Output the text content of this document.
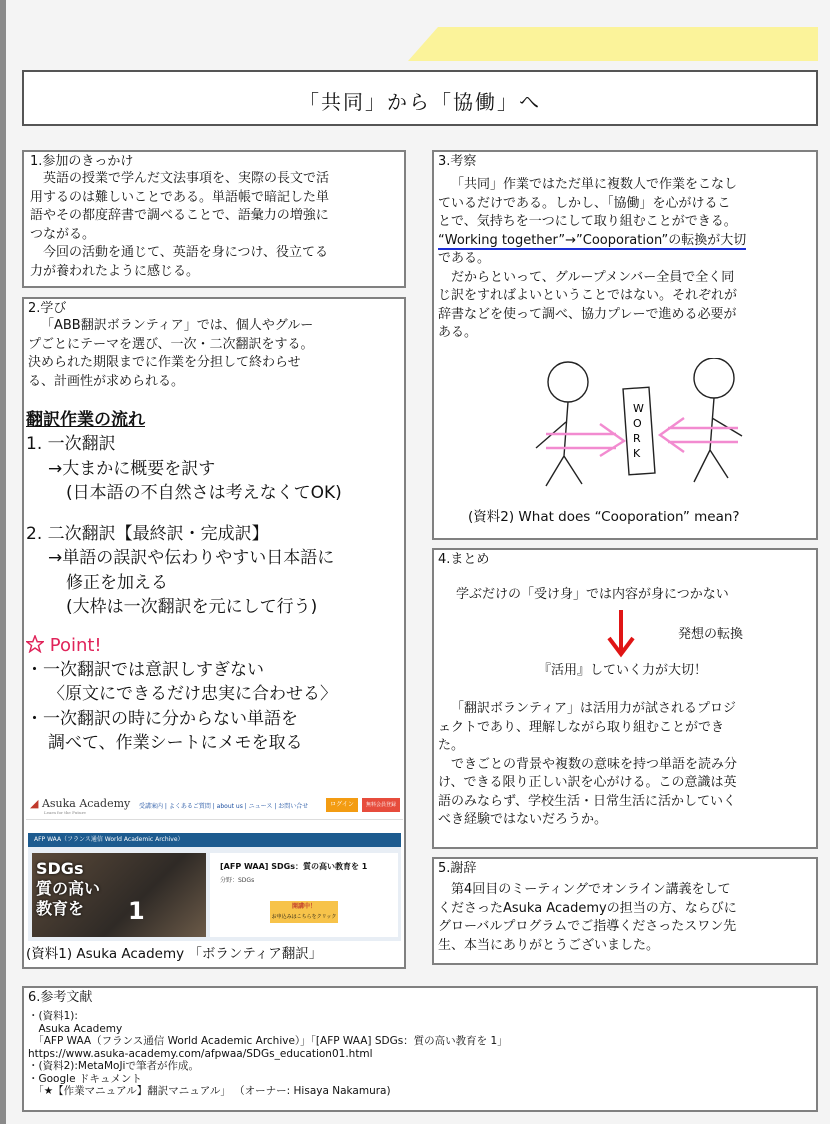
「共同」から「協働」へ

1.参加のきっかけ

英語の授業で学んだ文法事項を、実際の長文で活

用するのは難しいことである。単語帳で暗記した単

語やその都度辞書で調べることで、語彙力の増強に

つながる。

今回の活動を通じて、英語を身につけ、役立てる

力が養われたように感じる。

2.学び

「ABB翻訳ボランティア」では、個人やグルー

プごとにテーマを選び、一次・二次翻訳をする。

決められた期限までに作業を分担して終わらせ

る、計画性が求められる。

翻訳作業の流れ

1. 一次翻訳

→大まかに概要を訳す

(日本語の不自然さは考えなくてOK)

2. 二次翻訳【最終訳・完成訳】

→単語の誤訳や伝わりやすい日本語に

修正を加える

(大枠は一次翻訳を元にして行う)

Point!

・一次翻訳では意訳しすぎない

〈原文にできるだけ忠実に合わせる〉

・一次翻訳の時に分からない単語を

調べて、作業シートにメモを取る

◢ Asuka Academy
Learn for the Future
受講案内 | よくあるご質問 | about us | ニュース | お問い合せ	ログイン	無料会員登録
AFP WAA（フランス通信 World Academic Archive）
SDGs
質の高い
教育を	1
[AFP WAA] SDGs：質の高い教育を 1
分野：SDGs
開講中！
お申込みはこちらをクリック

(資料1) Asuka Academy 「ボランティア翻訳」

3.考察

「共同」作業ではただ単に複数人で作業をこなし

ているだけである。しかし、「協働」を心がけるこ

とで、気持ちを一つにして取り組むことができる。

“Working together”→”Cooporation”の転換が大切

である。

だからといって、グループメンバー全員で全く同

じ訳をすればよいということではない。それぞれが

辞書などを使って調べ、協力プレーで進める必要が

ある。

W
O
R
K

(資料2) What does “Cooporation” mean?

4.まとめ

学ぶだけの「受け身」では内容が身につかない

発想の転換

『活用』していく力が大切！

「翻訳ボランティア」は活用力が試されるプロジ

ェクトであり、理解しながら取り組むことができ

た。

できごとの背景や複数の意味を持つ単語を読み分

け、できる限り正しい訳を心がける。この意識は英

語のみならず、学校生活・日常生活に活かしていく

べき経験ではないだろうか。

5.謝辞

第4回目のミーティングでオンライン講義をして

くださったAsuka Academyの担当の方、ならびに

グローバルプログラムでご指導くださったスワン先

生、本当にありがとうございました。

6.参考文献

・(資料1):

　Asuka Academy

　「AFP WAA（フランス通信 World Academic Archive）」「[AFP WAA] SDGs：質の高い教育を 1」

https://www.asuka-academy.com/afpwaa/SDGs_education01.html

・(資料2):MetaMoJiで筆者が作成。

・Google ドキュメント

　「★【作業マニュアル】翻訳マニュアル」 （オーナー: Hisaya Nakamura)
